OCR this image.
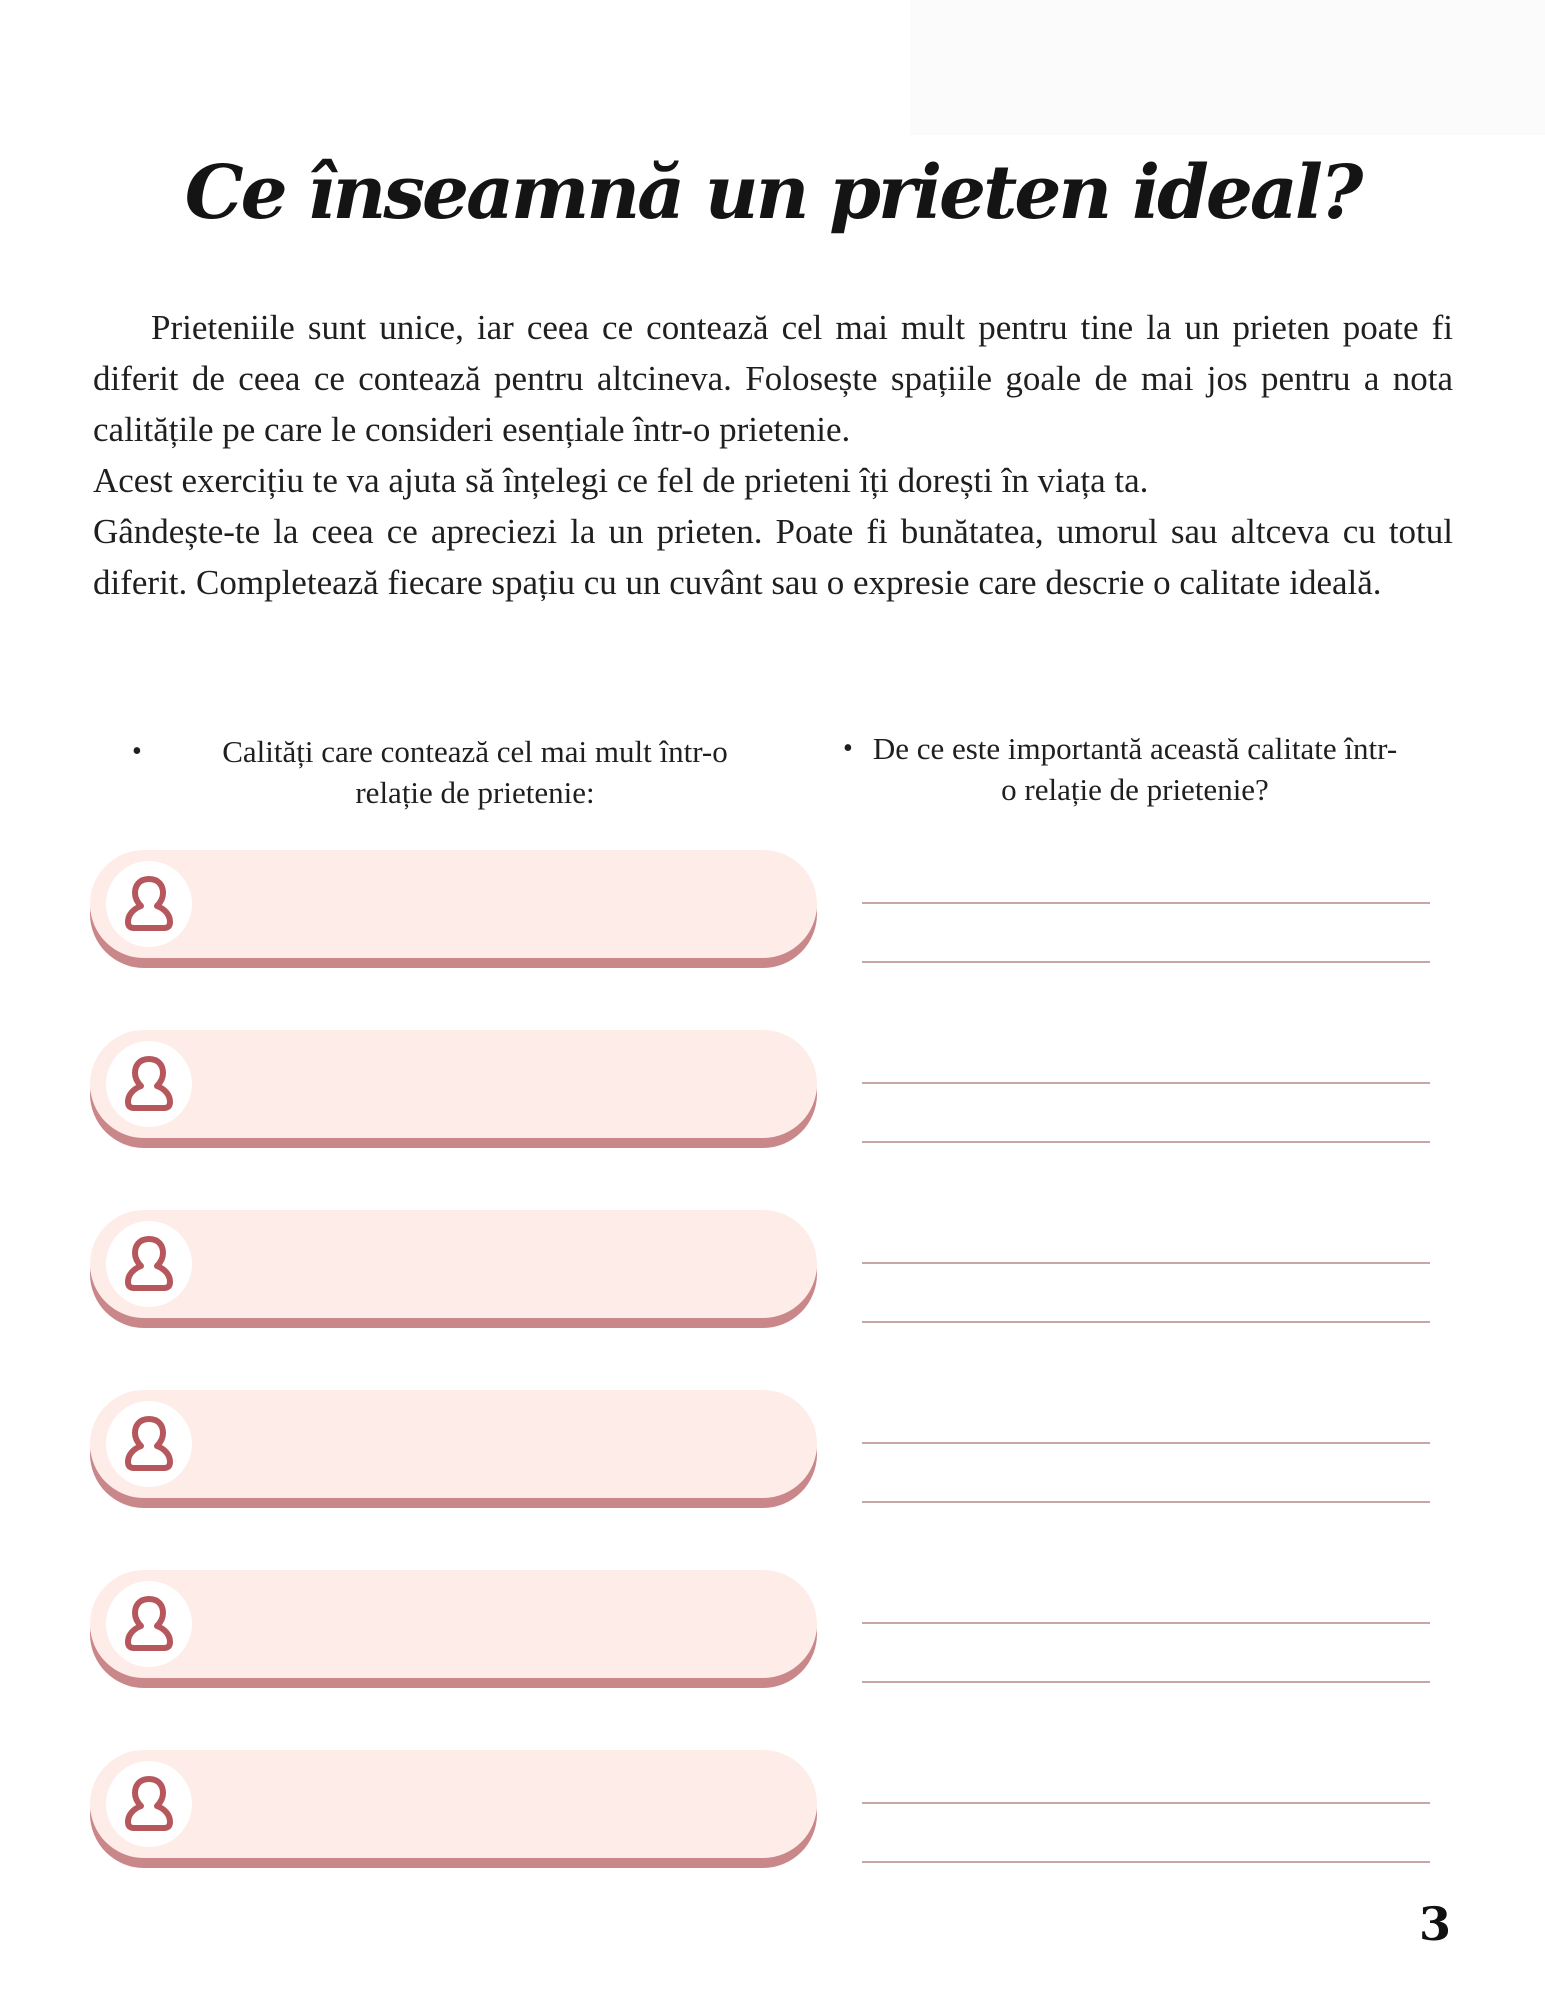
Ce înseamnă un prieten ideal?

Prieteniile sunt unice, iar ceea ce contează cel mai mult pentru tine la un prieten poate fi diferit de ceea ce contează pentru altcineva. Folosește spațiile goale de mai jos pentru a nota calitățile pe care le consideri esențiale într-o prietenie.

Acest exercițiu te va ajuta să înțelegi ce fel de prieteni îți dorești în viața ta.

Gândește-te la ceea ce apreciezi la un prieten. Poate fi bunătatea, umorul sau altceva cu totul diferit. Completează fiecare spațiu cu un cuvânt sau o expresie care descrie o calitate ideală.

•	Calități care contează cel mai mult într-o relație de prietenie:
• De ce este importantă această calitate într-o relație de prietenie?
3
